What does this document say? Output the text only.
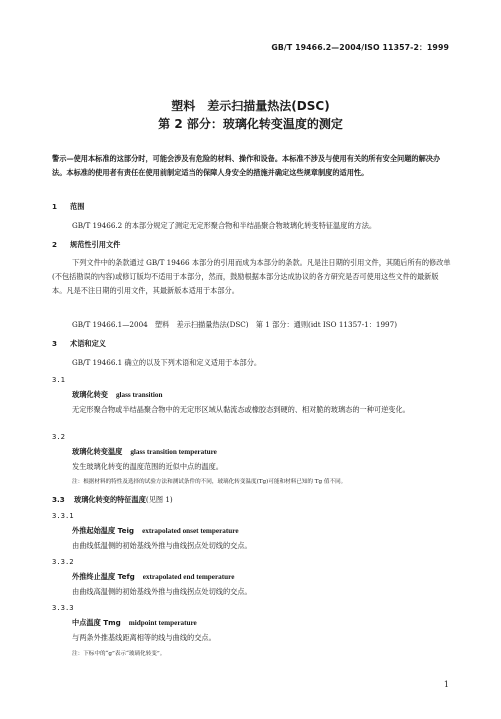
GB/T 19466.2—2004/ISO 11357-2：1999
塑料　差示扫描量热法(DSC)
第 2 部分：玻璃化转变温度的测定
警示—使用本标准的这部分时，可能会涉及有危险的材料、操作和设备。本标准不涉及与使用有关的所有安全问题的解决办法。本标准的使用者有责任在使用前制定适当的保障人身安全的措施并确定这些规章制度的适用性。
1 范围
GB/T 19466.2 的本部分规定了测定无定形聚合物和半结晶聚合物玻璃化转变特征温度的方法。
2 规范性引用文件
下列文件中的条款通过 GB/T 19466 本部分的引用而成为本部分的条款。凡是注日期的引用文件，其随后所有的修改单(不包括勘误的内容)或修订版均不适用于本部分，然而，鼓励根据本部分达成协议的各方研究是否可使用这些文件的最新版本。凡是不注日期的引用文件，其最新版本适用于本部分。
GB/T 19466.1—2004　塑料　差示扫描量热法(DSC)　第 1 部分：通则(idt ISO 11357-1：1997)
3 术语和定义
GB/T 19466.1 确立的以及下列术语和定义适用于本部分。
3.1
玻璃化转变 glass transition
无定形聚合物或半结晶聚合物中的无定形区域从黏流态或橡胶态到硬的、相对脆的玻璃态的一种可逆变化。
3.2
玻璃化转变温度 glass transition temperature
发生玻璃化转变的温度范围的近似中点的温度。
注：根据材料的特性及选择的试验方法和测试条件的不同，玻璃化转变温度(Tg)可能和材料已知的 Tg 值不同。
3.3 玻璃化转变的特征温度(见图 1)
3.3.1
外推起始温度 Teig extrapolated onset temperature
由曲线低温侧的初始基线外推与曲线拐点处切线的交点。
3.3.2
外推终止温度 Tefg extrapolated end temperature
由曲线高温侧的初始基线外推与曲线拐点处切线的交点。
3.3.3
中点温度 Tmg midpoint temperature
与两条外推基线距离相等的线与曲线的交点。
注：下标中的“g”表示“玻璃化转变”。
1
